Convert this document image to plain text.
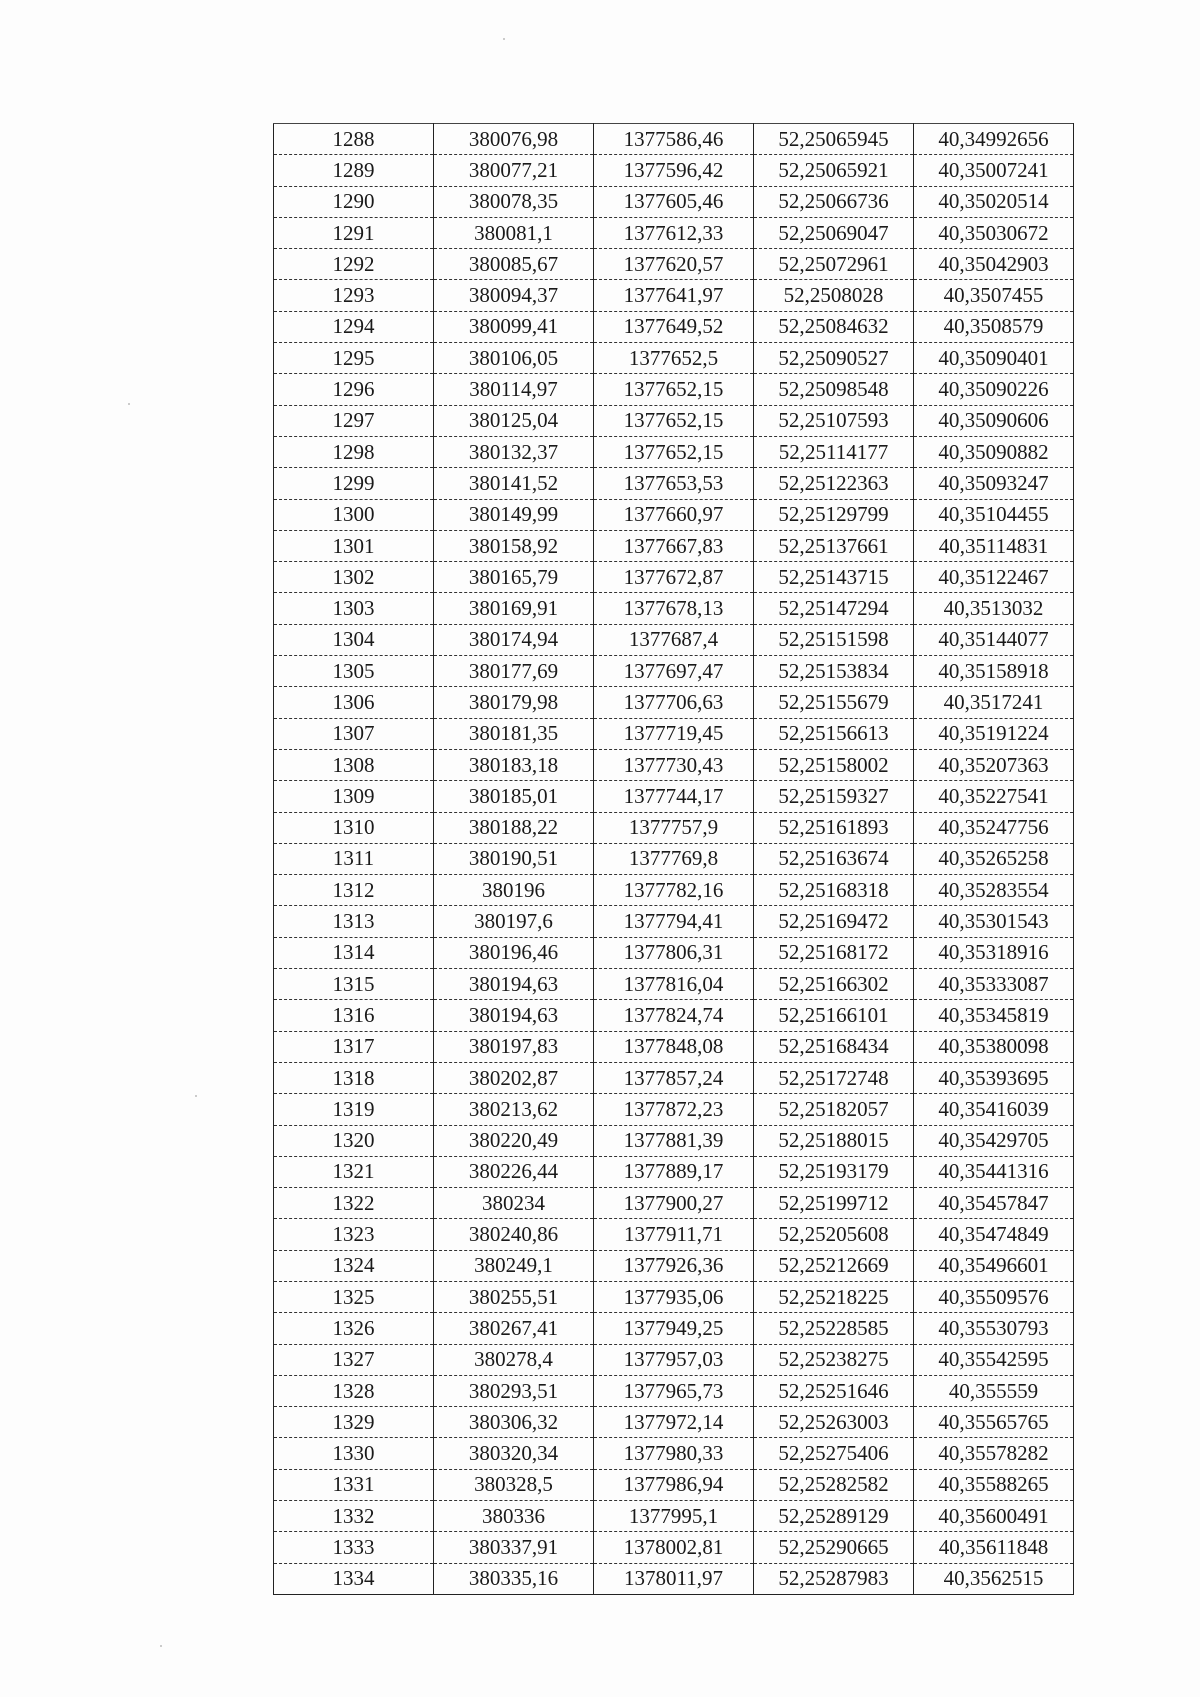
1288	380076,98	1377586,46	52,25065945	40,34992656
1289	380077,21	1377596,42	52,25065921	40,35007241
1290	380078,35	1377605,46	52,25066736	40,35020514
1291	380081,1	1377612,33	52,25069047	40,35030672
1292	380085,67	1377620,57	52,25072961	40,35042903
1293	380094,37	1377641,97	52,2508028	40,3507455
1294	380099,41	1377649,52	52,25084632	40,3508579
1295	380106,05	1377652,5	52,25090527	40,35090401
1296	380114,97	1377652,15	52,25098548	40,35090226
1297	380125,04	1377652,15	52,25107593	40,35090606
1298	380132,37	1377652,15	52,25114177	40,35090882
1299	380141,52	1377653,53	52,25122363	40,35093247
1300	380149,99	1377660,97	52,25129799	40,35104455
1301	380158,92	1377667,83	52,25137661	40,35114831
1302	380165,79	1377672,87	52,25143715	40,35122467
1303	380169,91	1377678,13	52,25147294	40,3513032
1304	380174,94	1377687,4	52,25151598	40,35144077
1305	380177,69	1377697,47	52,25153834	40,35158918
1306	380179,98	1377706,63	52,25155679	40,3517241
1307	380181,35	1377719,45	52,25156613	40,35191224
1308	380183,18	1377730,43	52,25158002	40,35207363
1309	380185,01	1377744,17	52,25159327	40,35227541
1310	380188,22	1377757,9	52,25161893	40,35247756
1311	380190,51	1377769,8	52,25163674	40,35265258
1312	380196	1377782,16	52,25168318	40,35283554
1313	380197,6	1377794,41	52,25169472	40,35301543
1314	380196,46	1377806,31	52,25168172	40,35318916
1315	380194,63	1377816,04	52,25166302	40,35333087
1316	380194,63	1377824,74	52,25166101	40,35345819
1317	380197,83	1377848,08	52,25168434	40,35380098
1318	380202,87	1377857,24	52,25172748	40,35393695
1319	380213,62	1377872,23	52,25182057	40,35416039
1320	380220,49	1377881,39	52,25188015	40,35429705
1321	380226,44	1377889,17	52,25193179	40,35441316
1322	380234	1377900,27	52,25199712	40,35457847
1323	380240,86	1377911,71	52,25205608	40,35474849
1324	380249,1	1377926,36	52,25212669	40,35496601
1325	380255,51	1377935,06	52,25218225	40,35509576
1326	380267,41	1377949,25	52,25228585	40,35530793
1327	380278,4	1377957,03	52,25238275	40,35542595
1328	380293,51	1377965,73	52,25251646	40,355559
1329	380306,32	1377972,14	52,25263003	40,35565765
1330	380320,34	1377980,33	52,25275406	40,35578282
1331	380328,5	1377986,94	52,25282582	40,35588265
1332	380336	1377995,1	52,25289129	40,35600491
1333	380337,91	1378002,81	52,25290665	40,35611848
1334	380335,16	1378011,97	52,25287983	40,3562515
